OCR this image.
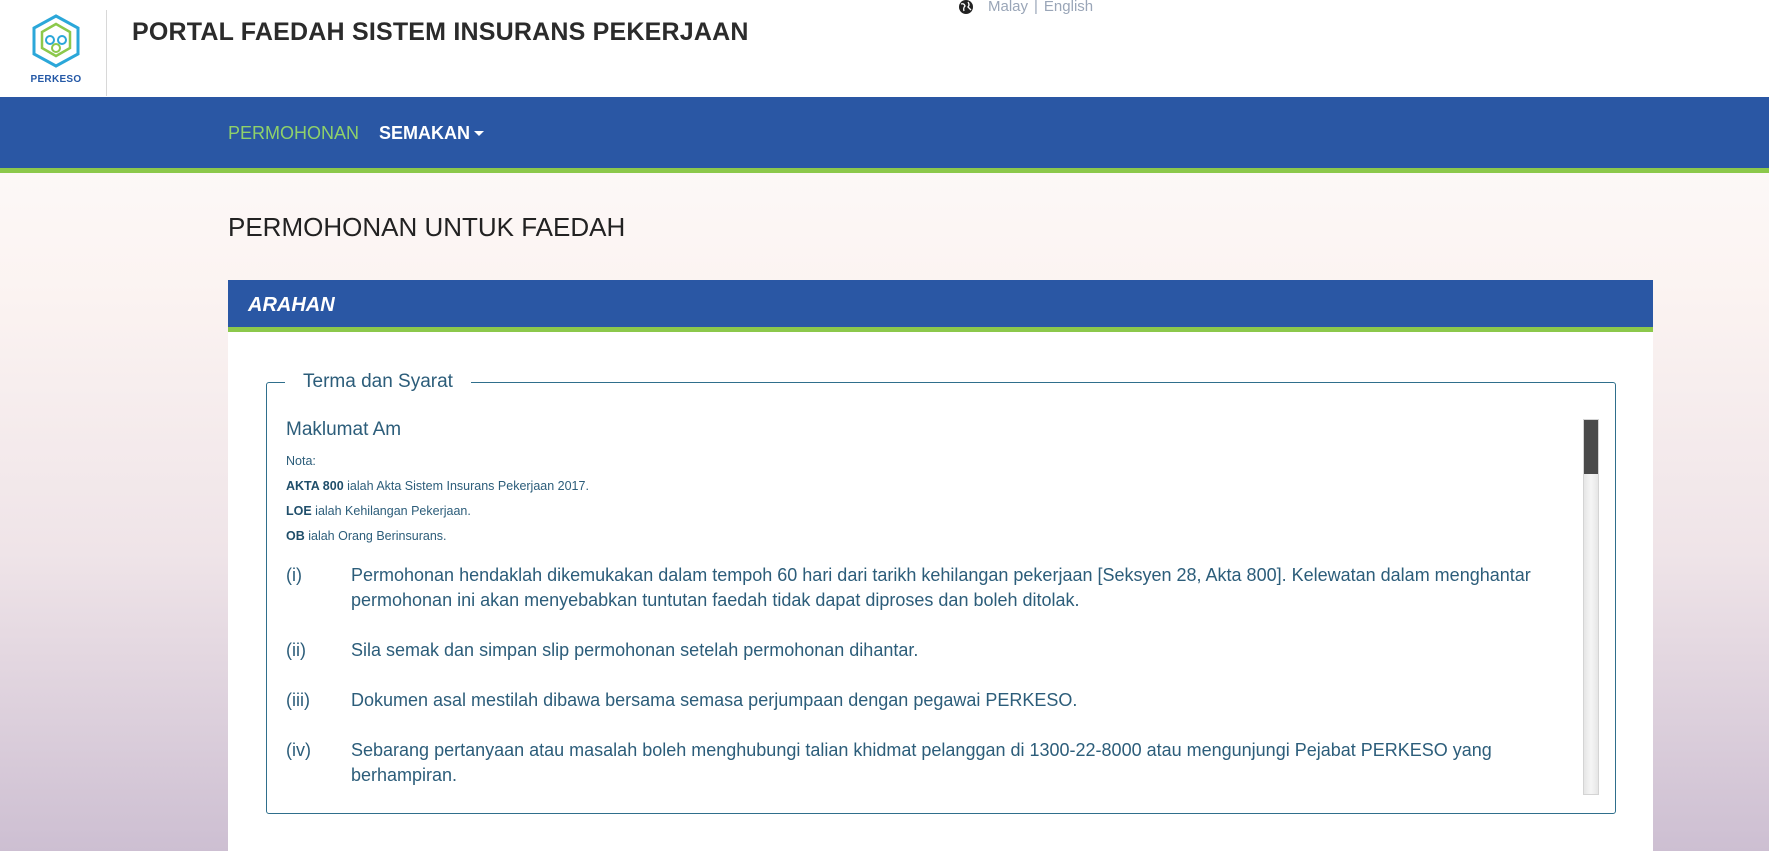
PERKESO
PORTAL FAEDAH SISTEM INSURANS PEKERJAAN
Malay | English
PERMOHONAN SEMAKAN
PERMOHONAN UNTUK FAEDAH
ARAHAN
Terma dan Syarat
Maklumat Am
Nota:
AKTA 800 ialah Akta Sistem Insurans Pekerjaan 2017.
LOE ialah Kehilangan Pekerjaan.
OB ialah Orang Berinsurans.
(i)	Permohonan hendaklah dikemukakan dalam tempoh 60 hari dari tarikh kehilangan pekerjaan [Seksyen 28, Akta 800]. Kelewatan dalam menghantar permohonan ini akan menyebabkan tuntutan faedah tidak dapat diproses dan boleh ditolak.
(ii)	Sila semak dan simpan slip permohonan setelah permohonan dihantar.
(iii)	Dokumen asal mestilah dibawa bersama semasa perjumpaan dengan pegawai PERKESO.
(iv)	Sebarang pertanyaan atau masalah boleh menghubungi talian khidmat pelanggan di 1300-22-8000 atau mengunjungi Pejabat PERKESO yang berhampiran.
